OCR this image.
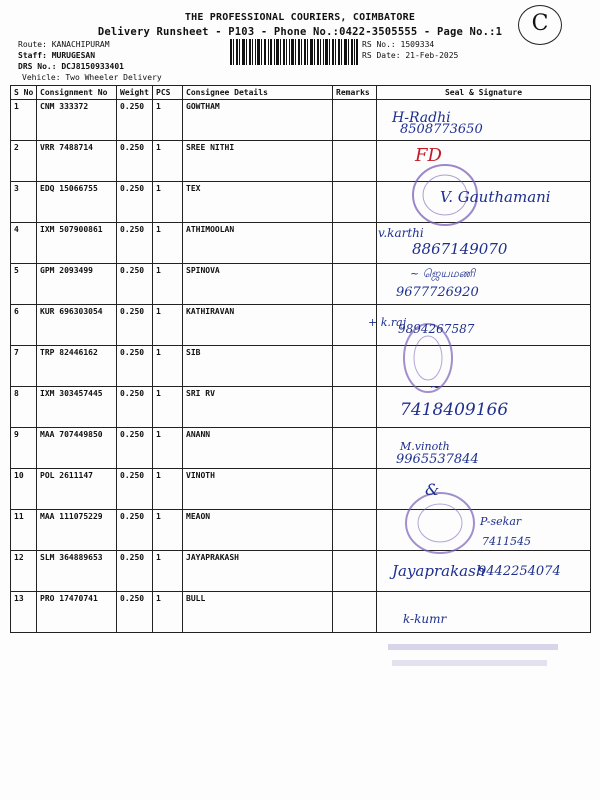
THE PROFESSIONAL COURIERS, COIMBATORE
Delivery Runsheet - P103 - Phone No.:0422-3505555 - Page No.:1	C
Route: KANACHIPURAM
Staff: MURUGESAN
DRS No.: DCJ8150933401
Vehicle: Two Wheeler Delivery
RS No.: 1509334
RS Date: 21-Feb-2025
S No	Consignment No	Weight	PCS	Consignee Details	Remarks	Seal & Signature
1	CNM 333372	0.250	1	GOWTHAM		
2	VRR 7488714	0.250	1	SREE NITHI		
3	EDQ 15066755	0.250	1	TEX		
4	IXM 507900861	0.250	1	ATHIMOOLAN		
5	GPM 2093499	0.250	1	SPINOVA		
6	KUR 696303054	0.250	1	KATHIRAVAN		
7	TRP 82446162	0.250	1	SIB		
8	IXM 303457445	0.250	1	SRI RV		
9	MAA 707449850	0.250	1	ANANN		
10	POL 2611147	0.250	1	VINOTH		
11	MAA 111075229	0.250	1	MEAON		
12	SLM 364889653	0.250	1	JAYAPRAKASH		
13	PRO 17470741	0.250	1	BULL		
H-Radhi
8508773650
FD
V. Gauthamani
v.karthi
8867149070
~ ஜெயமணி
9677726920
+ k.raj
9894267587
~
7418409166
M.vinoth
9965537844
&
P-sekar
7411545
Jayaprakash
9442254074
k-kumr
